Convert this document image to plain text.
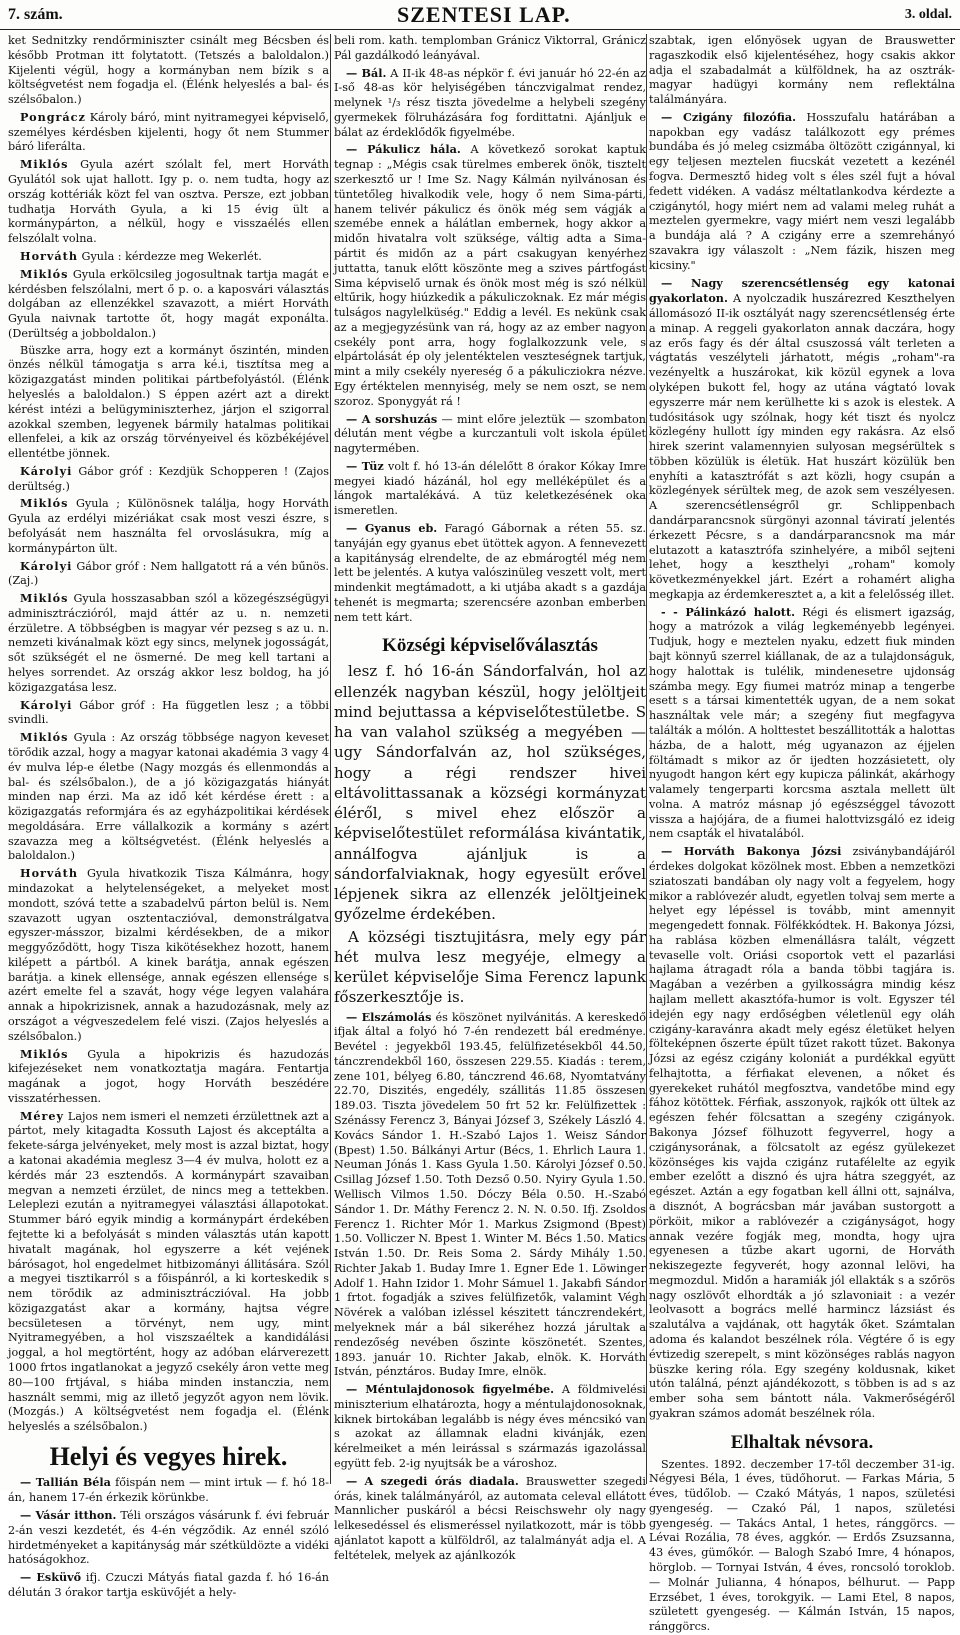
7. szám.	SZENTESI LAP.	3. oldal.

ket Sednitzky rendőrminiszter csinált meg Bécsben és később Protman itt folytatott. (Tetszés a baloldalon.) Kijelenti végül, hogy a kormányban nem bízik s a költségvetést nem fogadja el. (Élénk helyeslés a bal- és szélsőbalon.)

Pongrácz Károly báró, mint nyitramegyei képviselő, személyes kérdésben kijelenti, hogy őt nem Stummer báró liferálta.

Miklós Gyula azért szólalt fel, mert Horváth Gyulától sok ujat hallott. Igy p. o. nem tudta, hogy az ország kottériák közt fel van osztva. Persze, ezt jobban tudhatja Horváth Gyula, a ki 15 évig ült a kormánypárton, a nélkül, hogy e visszaélés ellen felszólalt volna.

Horváth Gyula : kérdezze meg Wekerlét.

Miklós Gyula erkölcsileg jogosultnak tartja magát e kérdésben felszólalni, mert ő p. o. a kaposvári választás dolgában az ellenzékkel szavazott, a miért Horváth Gyula naivnak tartotte őt, hogy magát exponálta. (Derültség a jobboldalon.)

Büszke arra, hogy ezt a kormányt őszintén, minden önzés nélkül támogatja s arra ké.i, tisztítsa meg a közigazgatást minden politikai pártbefolyástól. (Élénk helyeslés a baloldalon.) S éppen azért azt a direkt kérést intézi a belügyminiszterhez, járjon el szigorral azokkal szemben, legyenek bármily hatalmas politikai ellenfelei, a kik az ország törvényeivel és közbékéjével ellentétbe jönnek.

Károlyi Gábor gróf : Kezdjük Schopperen ! (Zajos derültség.)

Miklós Gyula ; Különösnek találja, hogy Horváth Gyula az erdélyi mizériákat csak most veszi észre, s befolyását nem használta fel orvoslásukra, míg a kormánypárton ült.

Károlyi Gábor gróf : Nem hallgatott rá a vén bűnös. (Zaj.)

Miklós Gyula hosszasabban szól a közegészségügyi adminisztráczióról, majd áttér az u. n. nemzeti érzületre. A többségben is magyar vér pezseg s az u. n. nemzeti kivánalmak közt egy sincs, melynek jogosságát, sőt szükségét el ne ösmerné. De meg kell tartani a helyes sorrendet. Az ország akkor lesz boldog, ha jó közigazgatása lesz.

Károlyi Gábor gróf : Ha független lesz ; a többi svindli.

Miklós Gyula : Az ország többsége nagyon keveset törődik azzal, hogy a magyar katonai akadémia 3 vagy 4 év mulva lép-e életbe (Nagy mozgás és ellenmondás a bal- és szélsőbalon.), de a jó közigazgatás hiányát minden nap érzi. Ma az idő két kérdése érett : a közigazgatás reformjára és az egyházpolitikai kérdések megoldására. Erre vállalkozik a kormány s azért szavazza meg a költségvetést. (Élénk helyeslés a baloldalon.)

Horváth Gyula hivatkozik Tisza Kálmánra, hogy mindazokat a helytelenségeket, a melyeket most mondott, szóvá tette a szabadelvű párton belül is. Nem szavazott ugyan osztentaczióval, demonstrálgatva egyszer-másszor, bizalmi kérdésekben, de a mikor meggyőződött, hogy Tisza kikötésekhez hozott, hanem kilépett a pártból. A kinek barátja, annak egészen barátja. a kinek ellensége, annak egészen ellensége s azért emelte fel a szavát, hogy vége legyen valahára annak a hipokrizisnek, annak a hazudozásnak, mely az országot a végveszedelem felé viszi. (Zajos helyeslés a szélsőbalon.)

Miklós Gyula a hipokrizis és hazudozás kifejezéseket nem vonatkoztatja magára. Fentartja magának a jogot, hogy Horváth beszédére visszatérhessen.

Mérey Lajos nem ismeri el nemzeti érzülettnek azt a pártot, mely kitagadta Kossuth Lajost és akceptálta a fekete-sárga jelvényeket, mely most is azzal biztat, hogy a katonai akadémia meglesz 3—4 év mulva, holott ez a kérdés már 23 esztendős. A kormánypárt szavaiban megvan a nemzeti érzület, de nincs meg a tettekben. Leleplezi ezután a nyitramegyei választási állapotokat. Stummer báró egyik mindig a kormánypárt érdekében fejtette ki a befolyását s minden választás után kapott hivatalt magának, hol egyszerre a két vejének bárósagot, hol engedelmet hitbizományi állitására. Szól a megyei tisztikarról s a főispánról, a ki korteskedik s nem törődik az adminisztráczióval. Ha jobb közigazgatást akar a kormány, hajtsa végre becsületesen a törvényt, nem ugy, mint Nyitramegyében, a hol viszszaéltek a kandidálási joggal, a hol megtörtént, hogy az adóban elárverezett 1000 frtos ingatlanokat a jegyző csekély áron vette meg 80—100 frtjával, s hiába minden instanczia, nem használt semmi, mig az illető jegyzőt agyon nem lövik. (Mozgás.) A költségvetést nem fogadja el. (Élénk helyeslés a szélsőbalon.)

Helyi és vegyes hirek.

— Tallián Béla főispán nem — mint irtuk — f. hó 18-án, hanem 17-én érkezik körünkbe.

— Vásár itthon. Téli országos vásárunk f. évi február 2-án veszi kezdetét, és 4-én végződik. Az ennél szóló hirdetményeket a kapitányság már szétküldözte a vidéki hatóságokhoz.

— Esküvő ifj. Czuczi Mátyás fiatal gazda f. hó 16-án délután 3 órakor tartja esküvőjét a hely-

beli rom. kath. templomban Gránicz Viktorral, Gránicz Pál gazdálkodó leányával.

— Bál. A II-ik 48-as népkör f. évi január hó 22-én az I-ső 48-as kör helyiségében tánczvigalmat rendez, melynek ¹/₃ rész tiszta jövedelme a helybeli szegény gyermekek fölruházására fog fordittatni. Ajánljuk e bálat az érdeklődők figyelmébe.

— Pákulicz hála. A következő sorokat kaptuk tegnap : „Mégis csak türelmes emberek önök, tisztelt szerkesztő ur ! Ime Sz. Nagy Kálmán nyilvánosan és tüntetőleg hivalkodik vele, hogy ő nem Sima-párti, hanem telivér pákulicz és önök még sem vágják a szemébe ennek a hálátlan embernek, hogy akkor a midőn hivatalra volt szüksége, váltig adta a Sima-pártit és midőn az a párt csakugyan kenyérhez juttatta, tanuk előtt köszönte meg a szives pártfogást Sima képviselő urnak és önök most még is szó nélkül eltűrik, hogy hiúzkedik a pákuliczoknak. Ez már mégis tulságos nagylelküség." Eddig a levél. Es nekünk csak az a megjegyzésünk van rá, hogy az az ember nagyon csekély pont arra, hogy foglalkozzunk vele, s elpártolását ép oly jelentéktelen veszteségnek tartjuk, mint a mily csekély nyereség ő a pákulicziokra nézve. Egy értéktelen mennyiség, mely se nem oszt, se nem szoroz. Sponygyát rá !

— A sorshuzás — mint előre jeleztük — szombaton délután ment végbe a kurczantuli volt iskola épület nagytermében.

— Tüz volt f. hó 13-án délelőtt 8 órakor Kókay Imre megyei kiadó házánál, hol egy melléképület és a lángok martalékává. A tüz keletkezésének oka ismeretlen.

— Gyanus eb. Faragó Gábornak a réten 55. sz. tanyáján egy gyanus ebet ütöttek agyon. A fennevezett a kapitányság elrendelte, de az ebmárogtél még nem lett be jelentés. A kutya valószinüleg veszett volt, mert mindenkit megtámadott, a ki utjába akadt s a gazdája tehenét is megmarta; szerencsére azonban emberben nem tett kárt.

Községi képviselőválasztás

lesz f. hó 16-án Sándorfalván, hol az ellenzék nagyban készül, hogy jelöltjeit mind bejuttassa a képviselőtestületbe. S ha van valahol szükség a megyében — ugy Sándorfalván az, hol szükséges, hogy a régi rendszer hivei eltávolittassanak a községi kormányzat éléről, s mivel ehez először a képviselőtestület reformálása kivántatik, annálfogva ajánljuk is a sándorfalviaknak, hogy egyesült erővel lépjenek sikra az ellenzék jelöltjeinek győzelme érdekében.

A községi tisztujitásra, mely egy pár hét mulva lesz megyéje, elmegy a kerület képviselője Sima Ferencz lapunk főszerkesztője is.

— Elszámolás és köszönet nyilvánitás. A kereskedő ifjak által a folyó hó 7-én rendezett bál eredménye. Bevétel : jegyekből 193.45, felülfizetésekből 44.50, tánczrendekből 160, összesen 229.55. Kiadás : terem, zene 101, bélyeg 6.80, tánczrend 46.68, Nyomtatvány 22.70, Diszités, engedély, szállitás 11.85 összesen 189.03. Tiszta jövedelem 50 frt 52 kr. Felülfizettek : Szénássy Ferencz 3, Bányai József 3, Székely László 4. Kovács Sándor 1. H.-Szabó Lajos 1. Weisz Sándor (Bpest) 1.50. Bálkányi Artur (Bécs, 1. Ehrlich Laura 1. Neuman Jónás 1. Kass Gyula 1.50. Károlyi József 0.50. Csillag József 1.50. Toth Dezső 0.50. Nyiry Gyula 1.50. Wellisch Vilmos 1.50. Dóczy Béla 0.50. H.-Szabó Sándor 1. Dr. Máthy Ferencz 2. N. N. 0.50. Ifj. Zsoldos Ferencz 1. Richter Mór 1. Markus Zsigmond (Bpest) 1.50. Volliczer N. Bpest 1. Winter M. Bécs 1.50. Matics István 1.50. Dr. Reis Soma 2. Sárdy Mihály 1.50. Richter Jakab 1. Buday Imre 1. Egner Ede 1. Löwinger Adolf 1. Hahn Izidor 1. Mohr Sámuel 1. Jakabfi Sándor 1 frtot. fogadják a szives felülfizetők, valamint Végh Növérek a valóban izléssel készitett tánczrendekért, melyeknek már a bál sikeréhez hozzá járultak a rendezőség nevében őszinte köszönetét. Szentes, 1893. január 10. Richter Jakab, elnök. K. Horváth István, pénztáros. Buday Imre, elnök.

— Méntulajdonosok figyelmébe. A földmivelési miniszterium elhatározta, hogy a méntulajdonosoknak, kiknek birtokában legalább is négy éves méncsikó van s azokat az államnak eladni kivánják, ezen kérelmeiket a mén leirással s származás igazolással együtt feb. 2-ig nyujtsák be a városhoz.

— A szegedi órás diadala. Brauswetter szegedi órás, kinek találmányáról, az automata celeval ellátott Mannlicher puskáról a bécsi Reischswehr oly nagy lelkesedéssel és elismeréssel nyilatkozott, már is több ajánlatot kapott a külföldről, az talalmányát adja el. A feltételek, melyek az ajánlkozók

szabtak, igen előnyösek ugyan de Brauswetter ragaszkodik első kijelentéséhez, hogy csakis akkor adja el szabadalmát a külföldnek, ha az osztrák-magyar hadügyi kormány nem reflektálna találmányára.

— Czigány filozófia. Hosszufalu határában a napokban egy vadász találkozott egy prémes bundába és jó meleg csizmába öltözött czigánnyal, ki egy teljesen meztelen fiucskát vezetett a kezénél fogva. Dermesztő hideg volt s éles szél fujt a hóval fedett vidéken. A vadász méltatlankodva kérdezte a czigánytól, hogy miért nem ad valami meleg ruhát a meztelen gyermekre, vagy miért nem veszi legalább a bundája alá ? A czigány erre a szemrehányó szavakra igy válaszolt : „Nem fázik, hiszen meg kicsiny."

— Nagy szerencsétlenség egy katonai gyakorlaton. A nyolczadik huszárezred Keszthelyen állomásozó II-ik osztályát nagy szerencsétlenség érte a minap. A reggeli gyakorlaton annak daczára, hogy az erős fagy és dér által csuszossá vált terleten a vágtatás veszélyteli járhatott, mégis „roham"-ra vezényeltk a huszárokat, kik közül egynek a lova olyképen bukott fel, hogy az utána vágtató lovak egyszerre már nem kerülhette ki s azok is elestek. A tudósitások ugy szólnak, hogy két tiszt és nyolcz közlegény hullott így minden egy rakásra. Az első hirek szerint valamennyien sulyosan megsérültek s többen közülük is életük. Hat huszárt közülük ben enyhíti a katasztrófát s azt közli, hogy csupán a közlegények sérültek meg, de azok sem veszélyesen. A szerencsétlenségről gr. Schlippenbach dandárparancsnok sürgönyi azonnal táviratí jelentés érkezett Pécsre, s a dandárparancsnok ma már elutazott a katasztrófa szinhelyére, a miből sejteni lehet, hogy a keszthelyi „roham" komoly következményekkel járt. Ezért a rohamért aligha megkapja az érdemkeresztet a, a kit a felelősség illet.

- - Pálinkázó halott. Régi és elismert igazság, hogy a matrózok a világ legkeményebb legényei. Tudjuk, hogy e meztelen nyaku, edzett fiuk minden bajt könnyű szerrel kiállanak, de az a tulajdonságuk, hogy halottak is tulélik, mindenesetre ujdonság számba megy. Egy fiumei matróz minap a tengerbe esett s a társai kimentették ugyan, de a nem sokat használtak vele már; a szegény fiut megfagyva találták a mólón. A holttestet beszállitották a halottas házba, de a halott, még ugyanazon az éjjelen föltámadt s mikor az őr ijedten hozzásietett, oly nyugodt hangon kért egy kupicza pálinkát, akárhogy valamely tengerparti korcsma asztala mellett ült volna. A matróz másnap jó egészséggel távozott vissza a hajójára, de a fiumei halottvizsgáló ez ideig nem csapták el hivatalából.

— Horváth Bakonya Józsi zsiványbandájáról érdekes dolgokat közölnek most. Ebben a nemzetközi sziatoszati bandában oly nagy volt a fegyelem, hogy mikor a rablóvezér aludt, egyetlen tolvaj sem merte a helyet egy lépéssel is tovább, mint amennyit megengedett fonnak. Fölfékkódtek. H. Bakonya Józsi, ha rablása közben elmenállásra talált, végzett tevaselle volt. Oriási csoportok vett el pazarlási hajlama átragadt róla a banda többi tagjára is. Magában a vezérben a gyilkosságra mindig kész hajlam mellett akasztófa-humor is volt. Egyszer tél idején egy nagy erdőségben véletlenül egy oláh czigány-karavánra akadt mely egész életüket helyen fölteképnen őszerte épült tűzet rakott tűzet. Bakonya Józsi az egész czigány koloniát a purdékkal együtt felhajtotta, a férfiakat elevenen, a nőket és gyerekeket ruhától megfosztva, vandetőbe mind egy fához kötöttek. Férfiak, asszonyok, rajkók ott ültek az egészen fehér fölcsattan a szegény czigányok. Bakonya József fölhuzott fegyverrel, hogy a czigánysorának, a fölcsatolt az egész gyülekezet közönséges kis vajda czigánz rutafélelte az egyik ember ezelőtt a disznó és ujra hátra szeggyét, az egészet. Aztán a egy fogatban kell állni ott, sajnálva, a disznót, A bográcsban már javában sustorgott a pörköit, mikor a rablóvezér a czigányságot, hogy annak vezére fogják meg, mondta, hogy ujra egyenesen a tűzbe akart ugorni, de Horváth nekiszegezte fegyverét, hogy azonnal lelövi, ha megmozdul. Midőn a haramiák jól ellakták s a szőrös nagy oszlövőt elhordták a jó szlavoniait : a vezér leolvasott a bogrács mellé harmincz lázsiást és szalutálva a vajdának, ott hagyták őket. Számtalan adoma és kalandot beszélnek róla. Végtére ő is egy évtizedig szerepelt, s mint közönséges rablás nagyon büszke kering róla. Egy szegény koldusnak, kiket utón találná, pénzt ajándékozott, s többen is ad s az ember soha sem bántott nála. Vakmerőségéről gyakran számos adomát beszélnek róla.

Elhaltak névsora.

Szentes. 1892. deczember 17-től deczember 31-ig. Négyesi Béla, 1 éves, tüdőhorut. — Farkas Mária, 5 éves, tüdőlob. — Czakó Mátyás, 1 napos, születési gyengeség. — Czakó Pál, 1 napos, születési gyengeség. — Takács Antal, 1 hetes, ránggörcs. — Lévai Rozália, 78 éves, aggkór. — Erdős Zsuzsanna, 43 éves, gümőkór. — Balogh Szabó Imre, 4 hónapos, hörglob. — Tornyai István, 4 éves, roncsoló toroklob. — Molnár Julianna, 4 hónapos, bélhurut. — Papp Erzsébet, 1 éves, torokgyik. — Lami Etel, 8 napos, született gyengeség. — Kálmán István, 15 napos, ránggörcs.
